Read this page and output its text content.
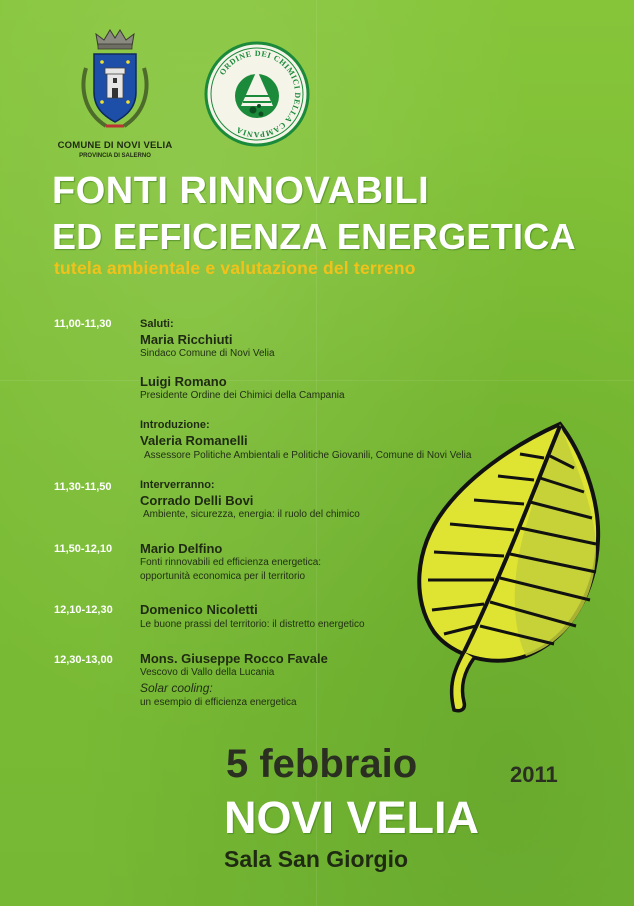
COMUNE DI NOVI VELIA
PROVINCIA DI SALERNO
ORDINE DEI CHIMICI DELLA CAMPANIA
FONTI RINNOVABILI
ED EFFICIENZA ENERGETICA
tutela ambientale e valutazione del terreno
11,00-11,30	Saluti:
Maria Ricchiuti
Sindaco Comune di Novi Velia
Luigi Romano
Presidente Ordine dei Chimici della Campania
Introduzione:
Valeria Romanelli
Assessore Politiche Ambientali e Politiche Giovanili, Comune di Novi Velia
11,30-11,50	Interverranno:
Corrado Delli Bovi
Ambiente, sicurezza, energia: il ruolo del chimico
11,50-12,10 Mario Delfino
Fonti rinnovabili ed efficienza energetica:
opportunità economica per il territorio
12,10-12,30 Domenico Nicoletti
Le buone prassi del territorio: il distretto energetico
12,30-13,00 Mons. Giuseppe Rocco Favale
Vescovo di Vallo della Lucania
Solar cooling:
un esempio di efficienza energetica
5 febbraio	2011
NOVI VELIA
Sala San Giorgio
